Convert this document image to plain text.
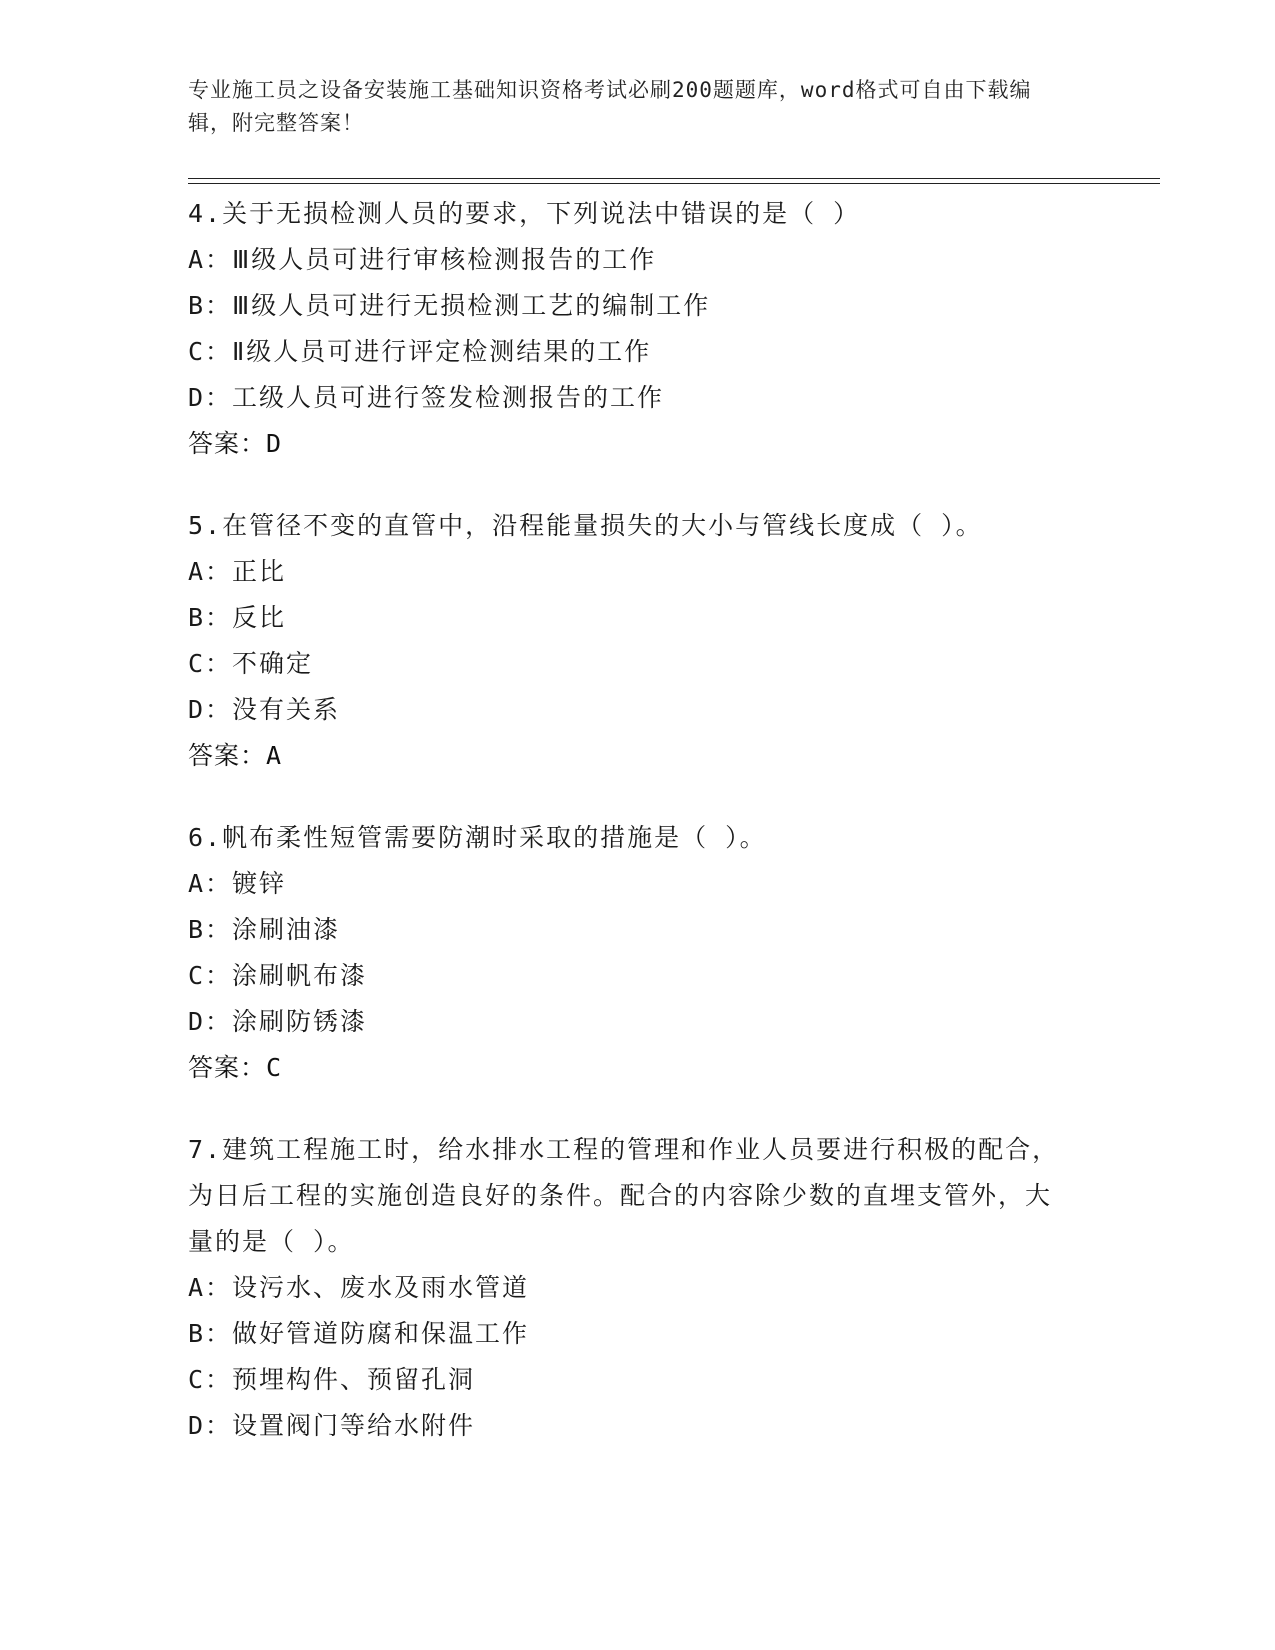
专业施工员之设备安装施工基础知识资格考试必刷200题题库，word格式可自由下载编辑，附完整答案！
4.关于无损检测人员的要求，下列说法中错误的是（ ）
A：Ⅲ级人员可进行审核检测报告的工作
B：Ⅲ级人员可进行无损检测工艺的编制工作
C：Ⅱ级人员可进行评定检测结果的工作
D：工级人员可进行签发检测报告的工作
答案：D
5.在管径不变的直管中，沿程能量损失的大小与管线长度成（ ）。
A：正比
B：反比
C：不确定
D：没有关系
答案：A
6.帆布柔性短管需要防潮时采取的措施是（ ）。
A：镀锌
B：涂刷油漆
C：涂刷帆布漆
D：涂刷防锈漆
答案：C
7.建筑工程施工时，给水排水工程的管理和作业人员要进行积极的配合，为日后工程的实施创造良好的条件。配合的内容除少数的直埋支管外，大量的是（ ）。
A：设污水、废水及雨水管道
B：做好管道防腐和保温工作
C：预埋构件、预留孔洞
D：设置阀门等给水附件
